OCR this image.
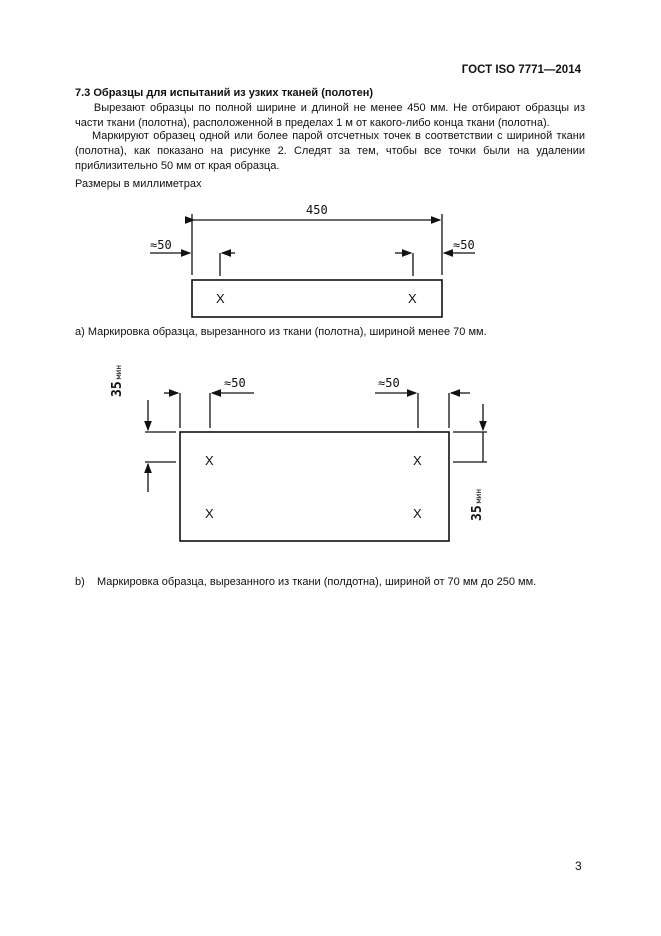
ГОСТ ISO 7771—2014
7.3 Образцы для испытаний из узких тканей (полотен)
Вырезают образцы по полной ширине и длиной не менее 450 мм. Не отбирают образцы из части ткани (полотна), расположенной в пределах 1 м от какого-либо конца ткани (полотна).
Маркируют образец одной или более парой отсчетных точек в соответствии с шириной ткани (полотна), как показано на рисунке 2. Следят за тем, чтобы все точки были на удалении приблизительно 50 мм от края образца.
Размеры в миллиметрах
450
≈50	≈50
X	X
а) Маркировка образца, вырезанного из ткани (полотна), шириной менее 70 мм.
≈50	≈50
35мин
35мин
X	X
X	X
b)    Маркировка образца, вырезанного из ткани (полдотна), шириной от 70 мм до 250 мм.
3
